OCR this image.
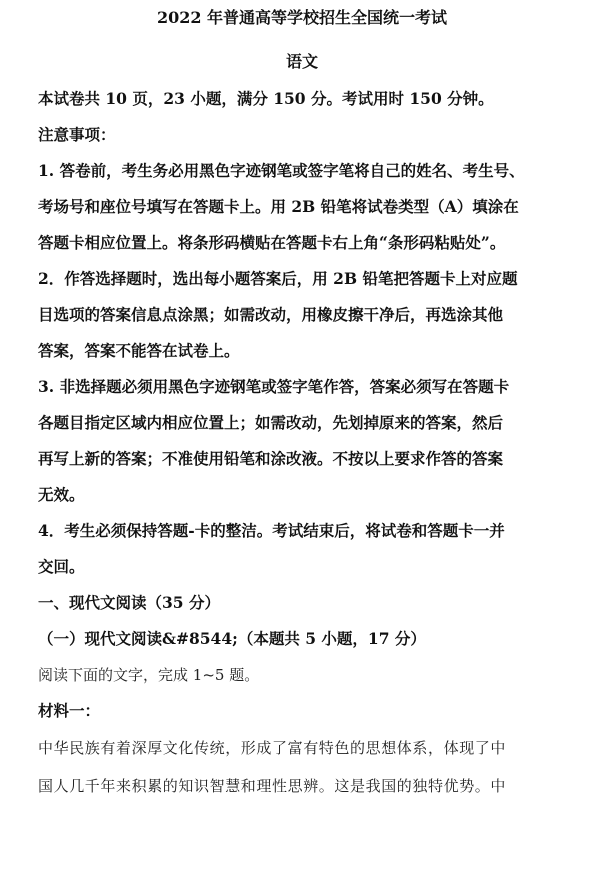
2022 年普通高等学校招生全国统一考试
语文
本试卷共 10 页，23 小题，满分 150 分。考试用时 150 分钟。
注意事项：
1. 答卷前，考生务必用黑色字迹钢笔或签字笔将自己的姓名、考生号、
考场号和座位号填写在答题卡上。用 2B 铅笔将试卷类型（A）填涂在
答题卡相应位置上。将条形码横贴在答题卡右上角“条形码粘贴处”。
2．作答选择题时，选出每小题答案后，用 2B 铅笔把答题卡上对应题
目选项的答案信息点涂黑；如需改动，用橡皮擦干净后，再选涂其他
答案，答案不能答在试卷上。
3. 非选择题必须用黑色字迹钢笔或签字笔作答，答案必须写在答题卡
各题目指定区域内相应位置上；如需改动，先划掉原来的答案，然后
再写上新的答案；不准使用铅笔和涂改液。不按以上要求作答的答案
无效。
4．考生必须保持答题-卡的整洁。考试结束后，将试卷和答题卡一并
交回。
一、现代文阅读（35 分）
（一）现代文阅读&#8544;（本题共 5 小题，17 分）
阅读下面的文字，完成 1~5 题。
材料一：
中华民族有着深厚文化传统，形成了富有特色的思想体系，体现了中
国人几千年来积累的知识智慧和理性思辨。这是我国的独特优势。中
